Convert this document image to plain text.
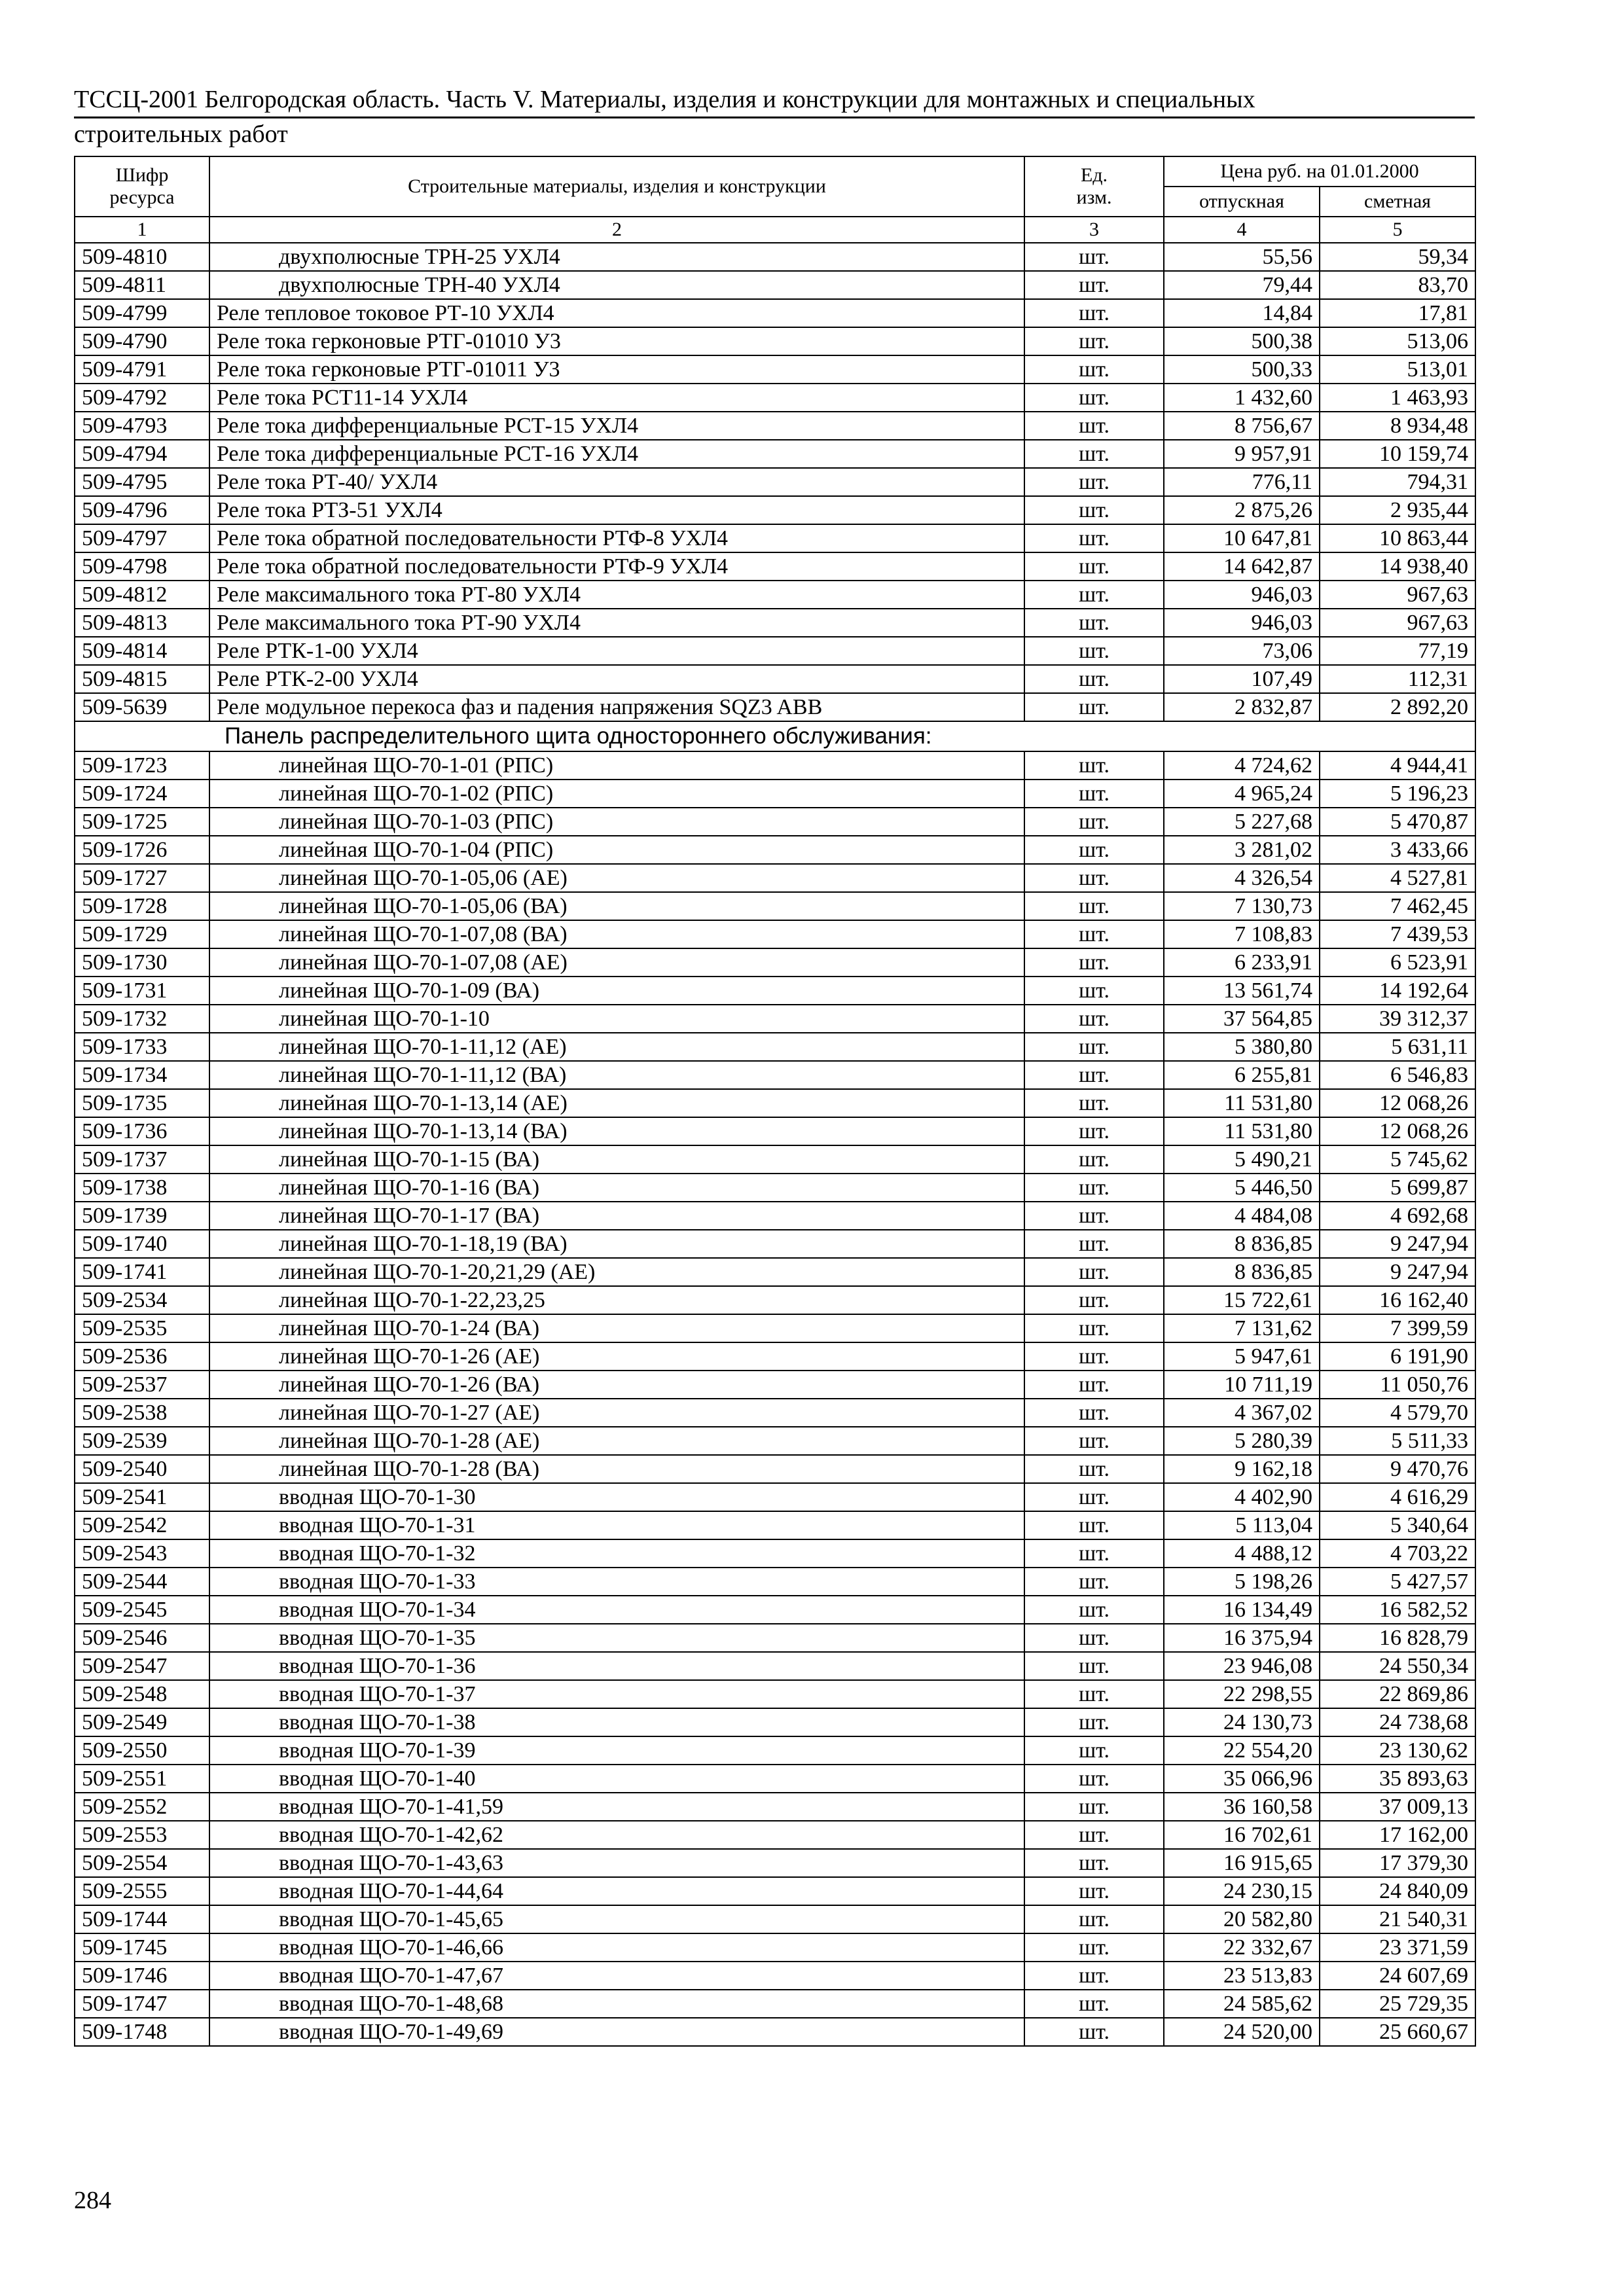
ТССЦ-2001 Белгородская область. Часть V. Материалы, изделия и конструкции для монтажных и специальных
строительных работ
Шифр ресурса	Строительные материалы, изделия и конструкции	Ед. изм.	Цена руб. на 01.01.2000	
			отпускная	сметная
1	2	3	4	5
509-4810	двухполюсные ТРН-25 УХЛ4	шт.	55,56	59,34
509-4811	двухполюсные ТРН-40 УХЛ4	шт.	79,44	83,70
509-4799	Реле тепловое токовое РТ-10 УХЛ4	шт.	14,84	17,81
509-4790	Реле тока герконовые РТГ-01010 У3	шт.	500,38	513,06
509-4791	Реле тока герконовые РТГ-01011 У3	шт.	500,33	513,01
509-4792	Реле тока РСТ11-14 УХЛ4	шт.	1 432,60	1 463,93
509-4793	Реле тока дифференциальные РСТ-15 УХЛ4	шт.	8 756,67	8 934,48
509-4794	Реле тока дифференциальные РСТ-16 УХЛ4	шт.	9 957,91	10 159,74
509-4795	Реле тока РТ-40/ УХЛ4	шт.	776,11	794,31
509-4796	Реле тока РТЗ-51 УХЛ4	шт.	2 875,26	2 935,44
509-4797	Реле тока обратной последовательности РТФ-8 УХЛ4	шт.	10 647,81	10 863,44
509-4798	Реле тока обратной последовательности РТФ-9 УХЛ4	шт.	14 642,87	14 938,40
509-4812	Реле максимального тока РТ-80 УХЛ4	шт.	946,03	967,63
509-4813	Реле максимального тока РТ-90 УХЛ4	шт.	946,03	967,63
509-4814	Реле РТК-1-00 УХЛ4	шт.	73,06	77,19
509-4815	Реле РТК-2-00 УХЛ4	шт.	107,49	112,31
509-5639	Реле модульное перекоса фаз и падения напряжения SQZ3 ABB	шт.	2 832,87	2 892,20
Панель распределительного щита одностороннего обслуживания:				
509-1723	линейная ЩО-70-1-01 (РПС)	шт.	4 724,62	4 944,41
509-1724	линейная ЩО-70-1-02 (РПС)	шт.	4 965,24	5 196,23
509-1725	линейная ЩО-70-1-03 (РПС)	шт.	5 227,68	5 470,87
509-1726	линейная ЩО-70-1-04 (РПС)	шт.	3 281,02	3 433,66
509-1727	линейная ЩО-70-1-05,06 (АЕ)	шт.	4 326,54	4 527,81
509-1728	линейная ЩО-70-1-05,06 (ВА)	шт.	7 130,73	7 462,45
509-1729	линейная ЩО-70-1-07,08 (ВА)	шт.	7 108,83	7 439,53
509-1730	линейная ЩО-70-1-07,08 (АЕ)	шт.	6 233,91	6 523,91
509-1731	линейная ЩО-70-1-09 (ВА)	шт.	13 561,74	14 192,64
509-1732	линейная ЩО-70-1-10	шт.	37 564,85	39 312,37
509-1733	линейная ЩО-70-1-11,12 (АЕ)	шт.	5 380,80	5 631,11
509-1734	линейная ЩО-70-1-11,12 (ВА)	шт.	6 255,81	6 546,83
509-1735	линейная ЩО-70-1-13,14 (АЕ)	шт.	11 531,80	12 068,26
509-1736	линейная ЩО-70-1-13,14 (ВА)	шт.	11 531,80	12 068,26
509-1737	линейная ЩО-70-1-15 (ВА)	шт.	5 490,21	5 745,62
509-1738	линейная ЩО-70-1-16 (ВА)	шт.	5 446,50	5 699,87
509-1739	линейная ЩО-70-1-17 (ВА)	шт.	4 484,08	4 692,68
509-1740	линейная ЩО-70-1-18,19 (ВА)	шт.	8 836,85	9 247,94
509-1741	линейная ЩО-70-1-20,21,29 (АЕ)	шт.	8 836,85	9 247,94
509-2534	линейная ЩО-70-1-22,23,25	шт.	15 722,61	16 162,40
509-2535	линейная ЩО-70-1-24 (ВА)	шт.	7 131,62	7 399,59
509-2536	линейная ЩО-70-1-26 (АЕ)	шт.	5 947,61	6 191,90
509-2537	линейная ЩО-70-1-26 (ВА)	шт.	10 711,19	11 050,76
509-2538	линейная ЩО-70-1-27 (АЕ)	шт.	4 367,02	4 579,70
509-2539	линейная ЩО-70-1-28 (АЕ)	шт.	5 280,39	5 511,33
509-2540	линейная ЩО-70-1-28 (ВА)	шт.	9 162,18	9 470,76
509-2541	вводная ЩО-70-1-30	шт.	4 402,90	4 616,29
509-2542	вводная ЩО-70-1-31	шт.	5 113,04	5 340,64
509-2543	вводная ЩО-70-1-32	шт.	4 488,12	4 703,22
509-2544	вводная ЩО-70-1-33	шт.	5 198,26	5 427,57
509-2545	вводная ЩО-70-1-34	шт.	16 134,49	16 582,52
509-2546	вводная ЩО-70-1-35	шт.	16 375,94	16 828,79
509-2547	вводная ЩО-70-1-36	шт.	23 946,08	24 550,34
509-2548	вводная ЩО-70-1-37	шт.	22 298,55	22 869,86
509-2549	вводная ЩО-70-1-38	шт.	24 130,73	24 738,68
509-2550	вводная ЩО-70-1-39	шт.	22 554,20	23 130,62
509-2551	вводная ЩО-70-1-40	шт.	35 066,96	35 893,63
509-2552	вводная ЩО-70-1-41,59	шт.	36 160,58	37 009,13
509-2553	вводная ЩО-70-1-42,62	шт.	16 702,61	17 162,00
509-2554	вводная ЩО-70-1-43,63	шт.	16 915,65	17 379,30
509-2555	вводная ЩО-70-1-44,64	шт.	24 230,15	24 840,09
509-1744	вводная ЩО-70-1-45,65	шт.	20 582,80	21 540,31
509-1745	вводная ЩО-70-1-46,66	шт.	22 332,67	23 371,59
509-1746	вводная ЩО-70-1-47,67	шт.	23 513,83	24 607,69
509-1747	вводная ЩО-70-1-48,68	шт.	24 585,62	25 729,35
509-1748	вводная ЩО-70-1-49,69	шт.	24 520,00	25 660,67
284
